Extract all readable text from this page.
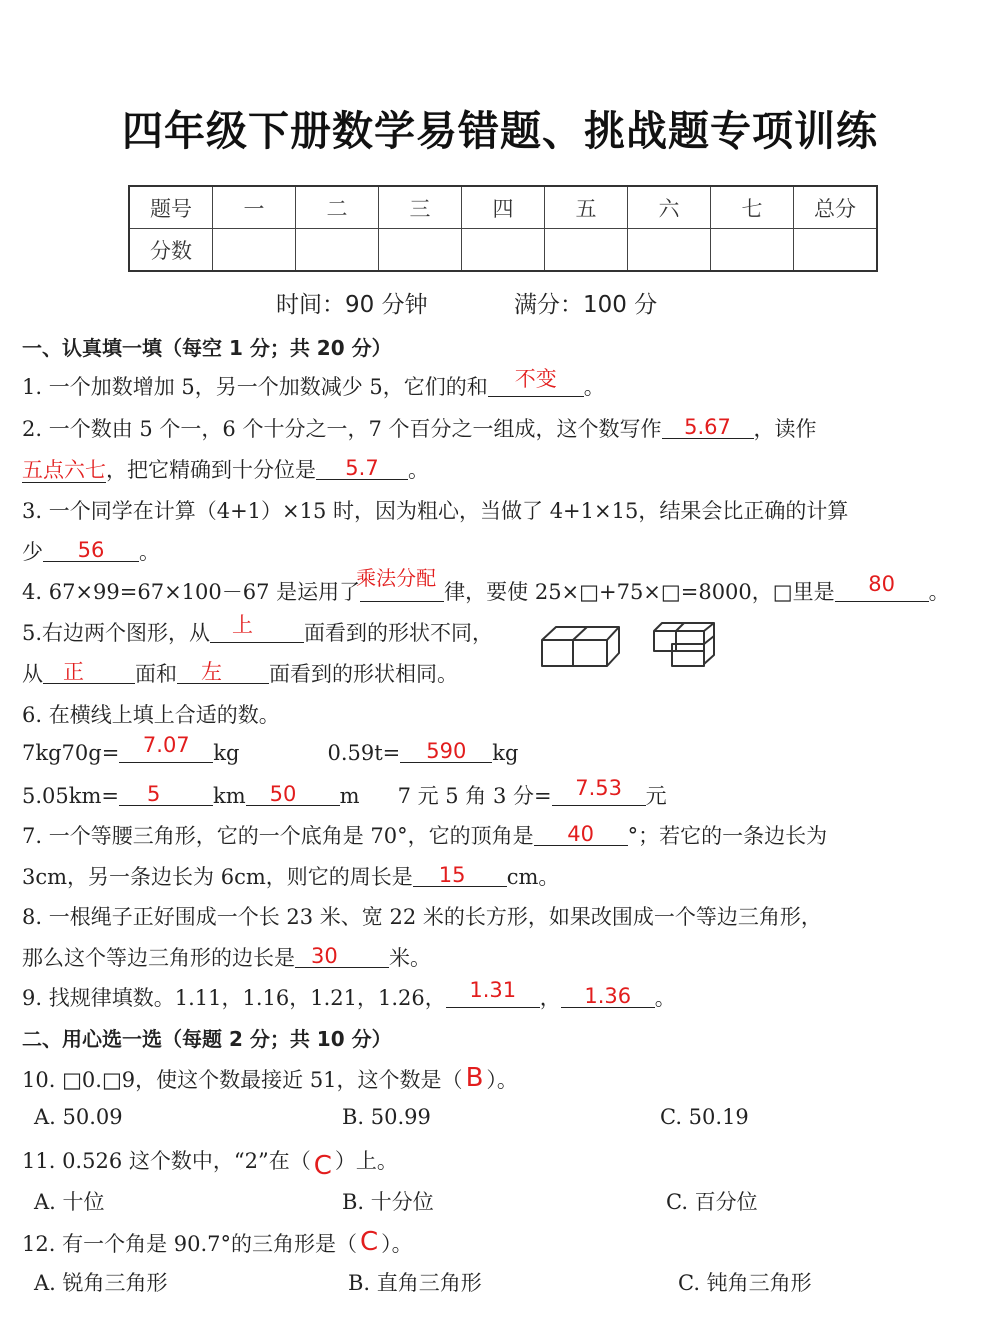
四年级下册数学易错题、挑战题专项训练
题号	一	二	三	四	五	六	七	总分
分数								
时间：90 分钟	满分：100 分
一、认真填一填（每空 1 分；共 20 分）
1. 一个加数增加 5，另一个加数减少 5，它们的和	不变	。
2. 一个数由 5 个一，6 个十分之一，7 个百分之一组成，这个数写作	5.67	，读作
五点六七，把它精确到十分位是	5.7	。
3. 一个同学在计算（4+1）×15 时，因为粗心，当做了 4+1×15，结果会比正确的计算
少	56	。
4. 67×99=67×100－67 是运用了
乘法分配
律，要使 25×□+75×□=8000，□里是	80	。
5.右边两个图形，从 上	面看到的形状不同，
从 正	面和 左	面看到的形状相同。
6. 在横线上填上合适的数。
7kg70g=	7.07	kg	0.59t=	590	kg
5.05km= 5	km 50	m 7 元 5 角 3 分=	7.53	元
7. 一个等腰三角形，它的一个底角是 70°，它的顶角是	40	°；若它的一条边长为
3cm，另一条边长为 6cm，则它的周长是 15	cm。
8. 一根绳子正好围成一个长 23 米、宽 22 米的长方形，如果改围成一个等边三角形，
那么这个等边三角形的边长是 30	米。
9. 找规律填数。1.11，1.16，1.21，1.26，	1.31	，	1.36	。
二、用心选一选（每题 2 分；共 10 分）
10. □0.□9，使这个数最接近 51，这个数是（ B ）。
A. 50.09	B. 50.99	C. 50.19
11. 0.526 这个数中，“2”在（ C ）上。
A. 十位	B. 十分位	C. 百分位
12. 有一个角是 90.7°的三角形是（ C ）。
A. 锐角三角形	B. 直角三角形	C. 钝角三角形
